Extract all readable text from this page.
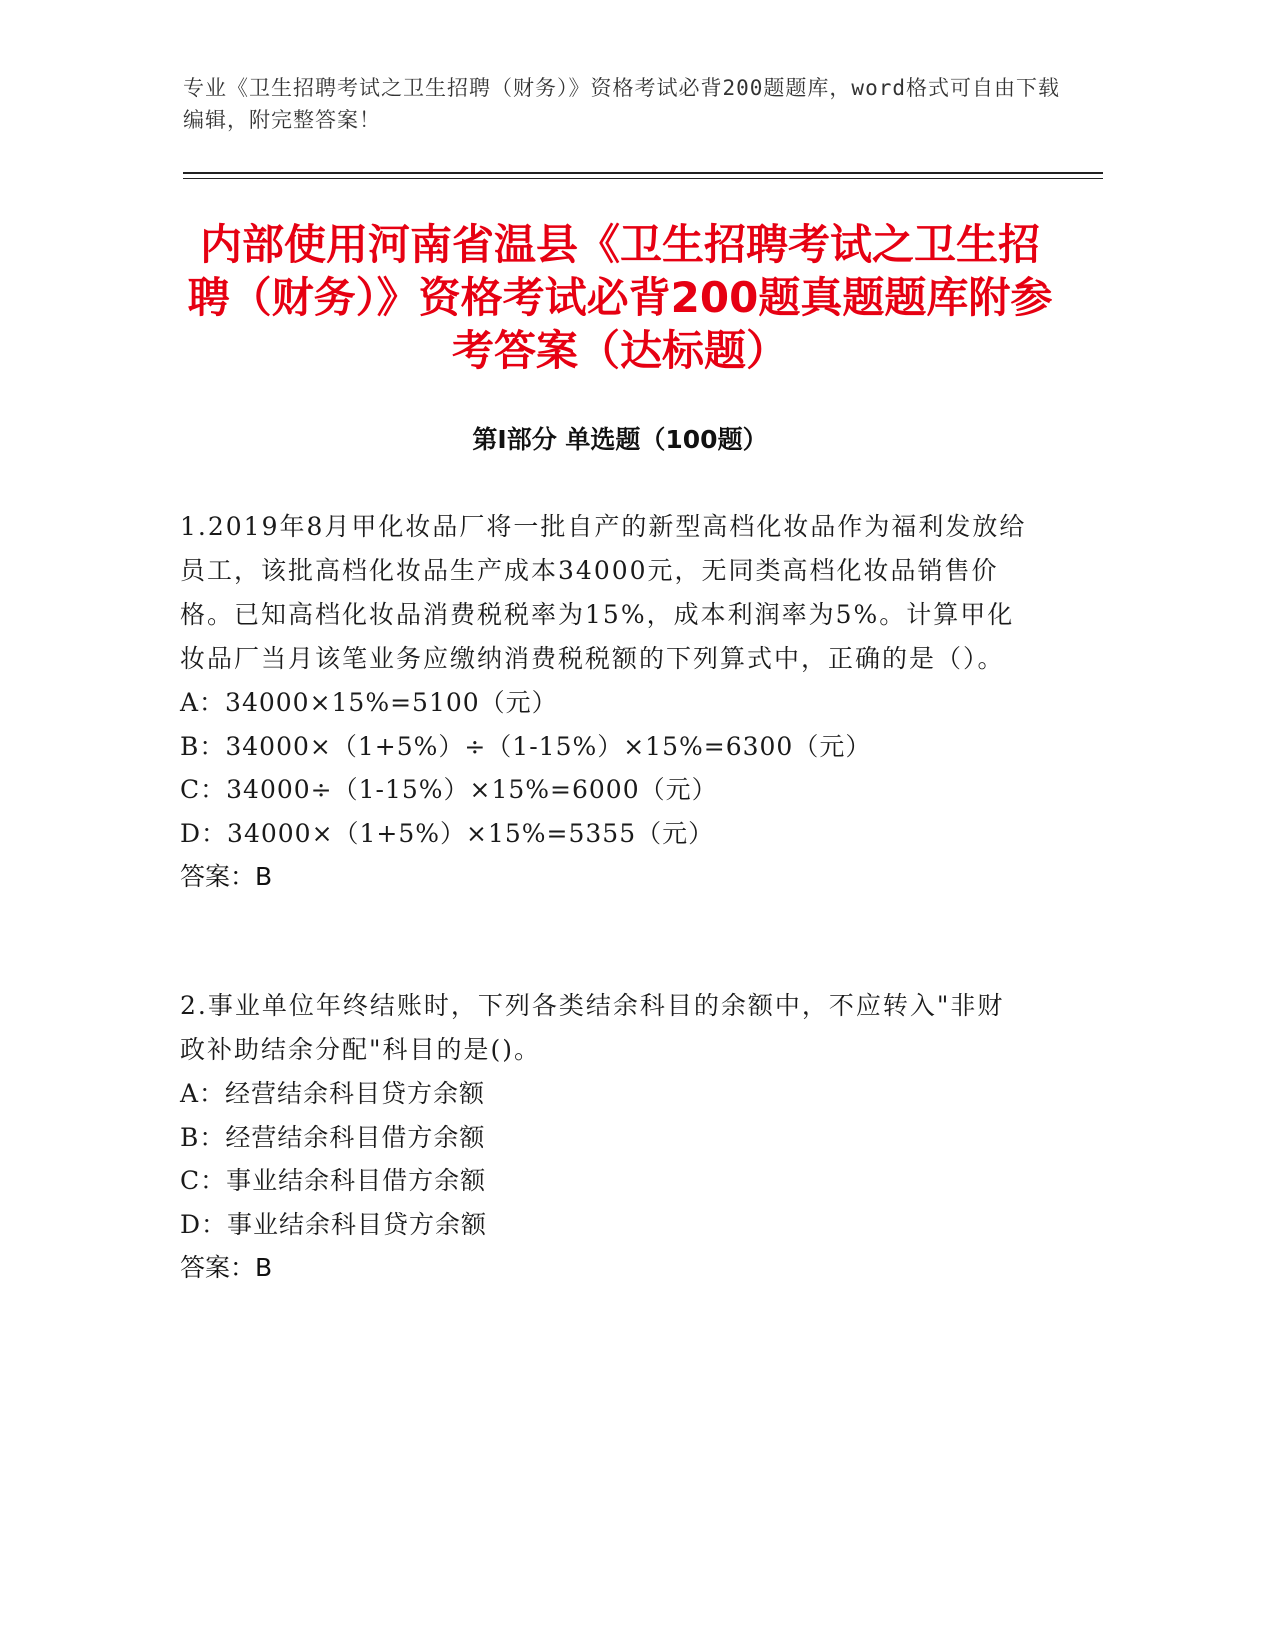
专业《卫生招聘考试之卫生招聘（财务）》资格考试必背200题题库，word格式可自由下载编辑，附完整答案！
内部使用河南省温县《卫生招聘考试之卫生招聘（财务）》资格考试必背200题真题题库附参考答案（达标题）
第Ⅰ部分 单选题（100题）
1.2019年8月甲化妆品厂将一批自产的新型高档化妆品作为福利发放给员工，该批高档化妆品生产成本34000元，无同类高档化妆品销售价格。已知高档化妆品消费税税率为15%，成本利润率为5%。计算甲化妆品厂当月该笔业务应缴纳消费税税额的下列算式中，正确的是（）。
A：34000×15%=5100（元）
B：34000×（1+5%）÷（1-15%）×15%=6300（元）
C：34000÷（1-15%）×15%=6000（元）
D：34000×（1+5%）×15%=5355（元）
答案：B
2.事业单位年终结账时，下列各类结余科目的余额中，不应转入"非财政补助结余分配"科目的是()。
A：经营结余科目贷方余额
B：经营结余科目借方余额
C：事业结余科目借方余额
D：事业结余科目贷方余额
答案：B
